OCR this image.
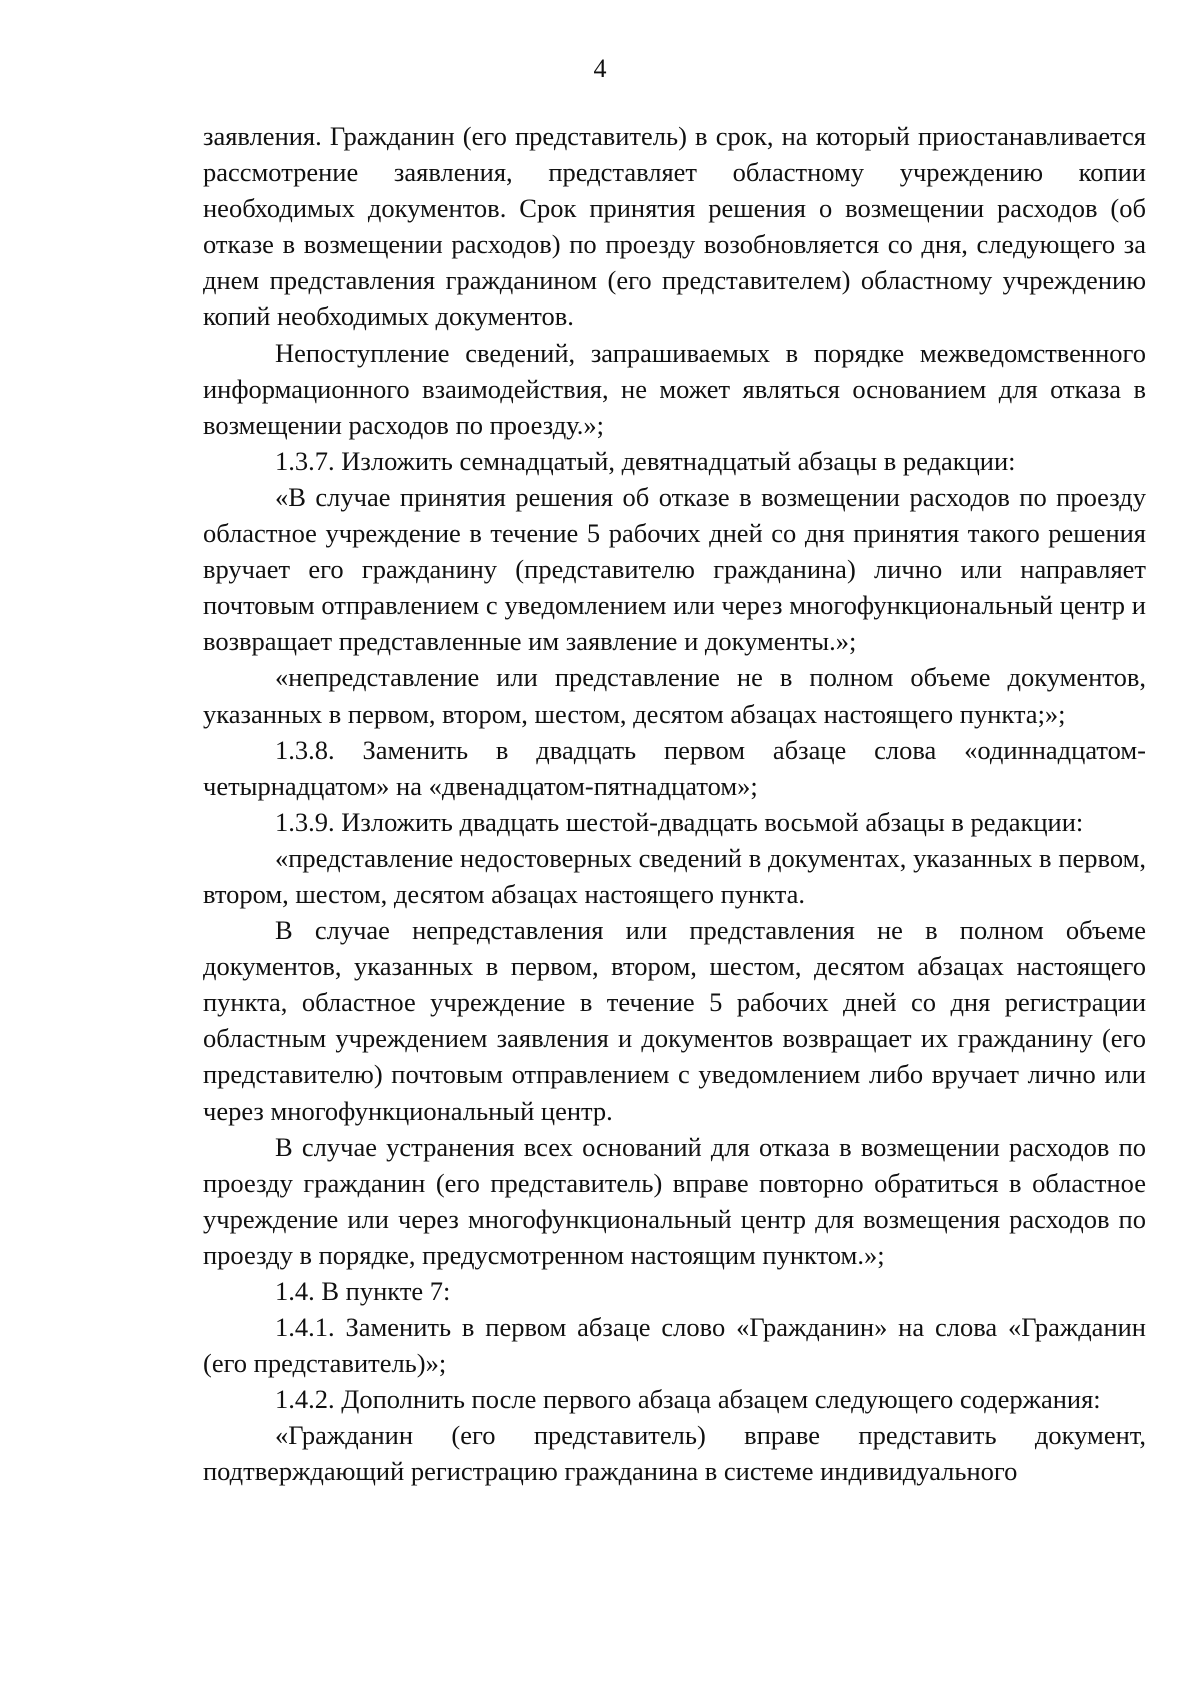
4

заявления. Гражданин (его представитель) в срок, на который приостанавливается рассмотрение заявления, представляет областному учреждению копии необходимых документов. Срок принятия решения о возмещении расходов (об отказе в возмещении расходов) по проезду возобновляется со дня, следующего за днем представления гражданином (его представителем) областному учреждению копий необходимых документов.

Непоступление сведений, запрашиваемых в порядке межведомственного информационного взаимодействия, не может являться основанием для отказа в возмещении расходов по проезду.»;

1.3.7. Изложить семнадцатый, девятнадцатый абзацы в редакции:

«В случае принятия решения об отказе в возмещении расходов по проезду областное учреждение в течение 5 рабочих дней со дня принятия такого решения вручает его гражданину (представителю гражданина) лично или направляет почтовым отправлением с уведомлением или через многофункциональный центр и возвращает представленные им заявление и документы.»;

«непредставление или представление не в полном объеме документов, указанных в первом, втором, шестом, десятом абзацах настоящего пункта;»;

1.3.8. Заменить в двадцать первом абзаце слова «одиннадцатом-четырнадцатом» на «двенадцатом-пятнадцатом»;

1.3.9. Изложить двадцать шестой-двадцать восьмой абзацы в редакции:

«представление недостоверных сведений в документах, указанных в первом, втором, шестом, десятом абзацах настоящего пункта.

В случае непредставления или представления не в полном объеме документов, указанных в первом, втором, шестом, десятом абзацах настоящего пункта, областное учреждение в течение 5 рабочих дней со дня регистрации областным учреждением заявления и документов возвращает их гражданину (его представителю) почтовым отправлением с уведомлением либо вручает лично или через многофункциональный центр.

В случае устранения всех оснований для отказа в возмещении расходов по проезду гражданин (его представитель) вправе повторно обратиться в областное учреждение или через многофункциональный центр для возмещения расходов по проезду в порядке, предусмотренном настоящим пунктом.»;

1.4. В пункте 7:

1.4.1. Заменить в первом абзаце слово «Гражданин» на слова «Гражданин (его представитель)»;

1.4.2. Дополнить после первого абзаца абзацем следующего содержания:

«Гражданин (его представитель) вправе представить документ, подтверждающий регистрацию гражданина в системе индивидуального
